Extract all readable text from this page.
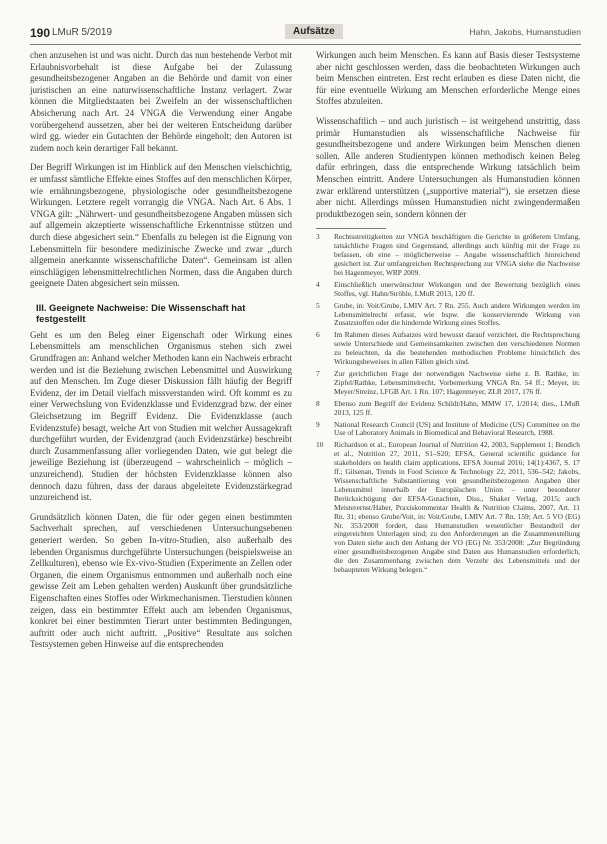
190 LMuR 5/2019	Aufsätze	Hahn, Jakobs, Humanstudien

chen anzusehen ist und was nicht. Durch das nun bestehende Verbot mit Erlaubnisvorbehalt ist diese Aufgabe bei der Zulassung gesundheitsbezogener Angaben an die Behörde und damit von einer juristischen an eine naturwissenschaftliche Instanz verlagert. Zwar können die Mitgliedstaaten bei Zweifeln an der wissenschaftlichen Absicherung nach Art. 24 VNGA die Verwendung einer Angabe vorübergehend aussetzen, aber bei der weiteren Entscheidung darüber wird gg. wieder ein Gutachten der Behörde eingeholt; den Autoren ist zudem noch kein derartiger Fall bekannt.

Der Begriff Wirkungen ist im Hinblick auf den Menschen vielschichtig, er umfasst sämtliche Effekte eines Stoffes auf den menschlichen Körper, wie ernährungsbezogene, physiologische oder gesundheitsbezogene Wirkungen. Letztere regelt vorrangig die VNGA. Nach Art. 6 Abs. 1 VNGA gilt: „Nährwert- und gesundheitsbezogene Angaben müssen sich auf allgemein akzeptierte wissenschaftliche Erkenntnisse stützen und durch diese abgesichert sein.“ Ebenfalls zu belegen ist die Eignung von Lebensmitteln für besondere medizinische Zwecke und zwar „durch allgemein anerkannte wissenschaftliche Daten“. Gemeinsam ist allen einschlägigen lebensmittelrechtlichen Normen, dass die Angaben durch geeignete Daten abgesichert sein müssen.

III. Geeignete Nachweise: Die Wissenschaft hat festgestellt

Geht es um den Beleg einer Eigenschaft oder Wirkung eines Lebensmittels am menschlichen Organismus stehen sich zwei Grundfragen an: Anhand welcher Methoden kann ein Nachweis erbracht werden und ist die Beziehung zwischen Lebensmittel und Auswirkung auf den Menschen. Im Zuge dieser Diskussion fällt häufig der Begriff Evidenz, der im Detail vielfach missverstanden wird. Oft kommt es zu einer Verwechslung von Evidenzklasse und Evidenzgrad bzw. der einer Gleichsetzung im Begriff Evidenz. Die Evidenzklasse (auch Evidenzstufe) besagt, welche Art von Studien mit welcher Aussagekraft durchgeführt wurden, der Evidenzgrad (auch Evidenzstärke) beschreibt durch Zusammenfassung aller vorliegenden Daten, wie gut belegt die jeweilige Beziehung ist (überzeugend – wahrscheinlich – möglich – unzureichend). Studien der höchsten Evidenzklasse können also dennoch dazu führen, dass der daraus abgeleitete Evidenzstärkegrad unzureichend ist.

Grundsätzlich können Daten, die für oder gegen einen bestimmten Sachverhalt sprechen, auf verschiedenen Untersuchungsebenen generiert werden. So geben In-vitro-Studien, also außerhalb des lebenden Organismus durchgeführte Untersuchungen (beispielsweise an Zellkulturen), ebenso wie Ex-vivo-Studien (Experimente an Zellen oder Organen, die einem Organismus entnommen und außerhalb noch eine gewisse Zeit am Leben gehalten werden) Auskunft über grundsätzliche Eigenschaften eines Stoffes oder Wirkmechanismen. Tierstudien können zeigen, dass ein bestimmter Effekt auch am lebenden Organismus, konkret bei einer bestimmten Tierart unter bestimmten Bedingungen, auftritt oder auch nicht auftritt. „Positive“ Resultate aus solchen Testsystemen geben Hinweise auf die entsprechenden

Wirkungen auch beim Menschen. Es kann auf Basis dieser Testsysteme aber nicht geschlossen werden, dass die beobachteten Wirkungen auch beim Menschen eintreten. Erst recht erlauben es diese Daten nicht, die für eine eventuelle Wirkung am Menschen erforderliche Menge eines Stoffes abzuleiten.

Wissenschaftlich – und auch juristisch – ist weitgehend unstrittig, dass primär Humanstudien als wissenschaftliche Nachweise für gesundheitsbezogene und andere Wirkungen beim Menschen dienen sollen. Alle anderen Studientypen können methodisch keinen Beleg dafür erbringen, dass die entsprechende Wirkung tatsächlich beim Menschen eintritt. Andere Untersuchungen als Humanstudien können zwar erklärend unterstützen („supportive material“), sie ersetzen diese aber nicht. Allerdings müssen Humanstudien nicht zwingendermaßen produktbezogen sein, sondern können der

3	Rechtsstreitigkeiten zur VNGA beschäftigten die Gerichte in größerem Umfang, tatsächliche Fragen sind Gegenstand, allerdings auch künftig mit der Frage zu befassen, ob eine – möglicherweise – Angabe wissenschaftlich hinreichend gesichert ist. Zur umfangreichen Rechtsprechung zur VNGA siehe die Nachweise bei Hagenmeyer, WRP 2009.
4	Einschließlich unerwünschter Wirkungen und der Bewertung bezüglich eines Stoffes, vgl. Hahn/Ströhle, LMuR 2013, 120 ff.
5	Grube, in: Voit/Grube, LMIV Art. 7 Rn. 255. Auch andere Wirkungen werden im Lebensmittelrecht erfasst, wie bspw. die konservierende Wirkung von Zusatzstoffen oder die hindernde Wirkung eines Stoffes.
6	Im Rahmen dieses Aufsatzes wird bewusst darauf verzichtet, die Rechtsprechung sowie Unterschiede und Gemeinsamkeiten zwischen den verschiedenen Normen zu beleuchten, da die bestehenden methodischen Probleme hinsichtlich des Wirkungsbeweises in allen Fällen gleich sind.
7	Zur gerichtlichen Frage der notwendigen Nachweise siehe z. B. Rathke, in: Zipfel/Rathke, Lebensmittelrecht, Vorbemerkung VNGA Rn. 54 ff.; Meyer, in: Meyer/Streinz, LFGB Art. 1 Rn. 107; Hagenmeyer, ZLR 2017, 176 ff.
8	Ebenso zum Begriff der Evidenz Schildt/Hahn, MMW 17, 1/2014; dies., LMuR 2013, 125 ff.
9	National Research Council (US) and Institute of Medicine (US) Committee on the Use of Laboratory Animals in Biomedical and Behavioral Research, 1988.
10	Richardson et al., European Journal of Nutrition 42, 2003, Supplement 1; Bendich et al., Nutrition 27, 2011, S1–S20; EFSA, General scientific guidance for stakeholders on health claim applications, EFSA Journal 2016; 14(1):4367, S. 17 ff.; Gilsenan, Trends in Food Science & Technology 22, 2011, 536–542; Jakobs, Wissenschaftliche Substantiierung von gesundheitsbezogenen Angaben über Lebensmittel innerhalb der Europäischen Union – unter besonderer Berücksichtigung der EFSA-Gutachten, Diss., Shaker Verlag, 2015; auch Meisterernst/Haber, Praxiskommentar Health & Nutrition Claims, 2007, Art. 11 Rn. 31; ebenso Grube/Voit, in: Voit/Grube, LMIV Art. 7 Rn. 159; Art. 5 VO (EG) Nr. 353/2008 fordert, dass Humanstudien wesentlicher Bestandteil der eingereichten Unterlagen sind; zu den Anforderungen an die Zusammenstellung von Daten siehe auch den Anhang der VO (EG) Nr. 353/2008: „Zur Begründung einer gesundheitsbezogenen Angabe sind Daten aus Humanstudien erforderlich, die den Zusammenhang zwischen dem Verzehr des Lebensmittels und der behaupteten Wirkung belegen.“
